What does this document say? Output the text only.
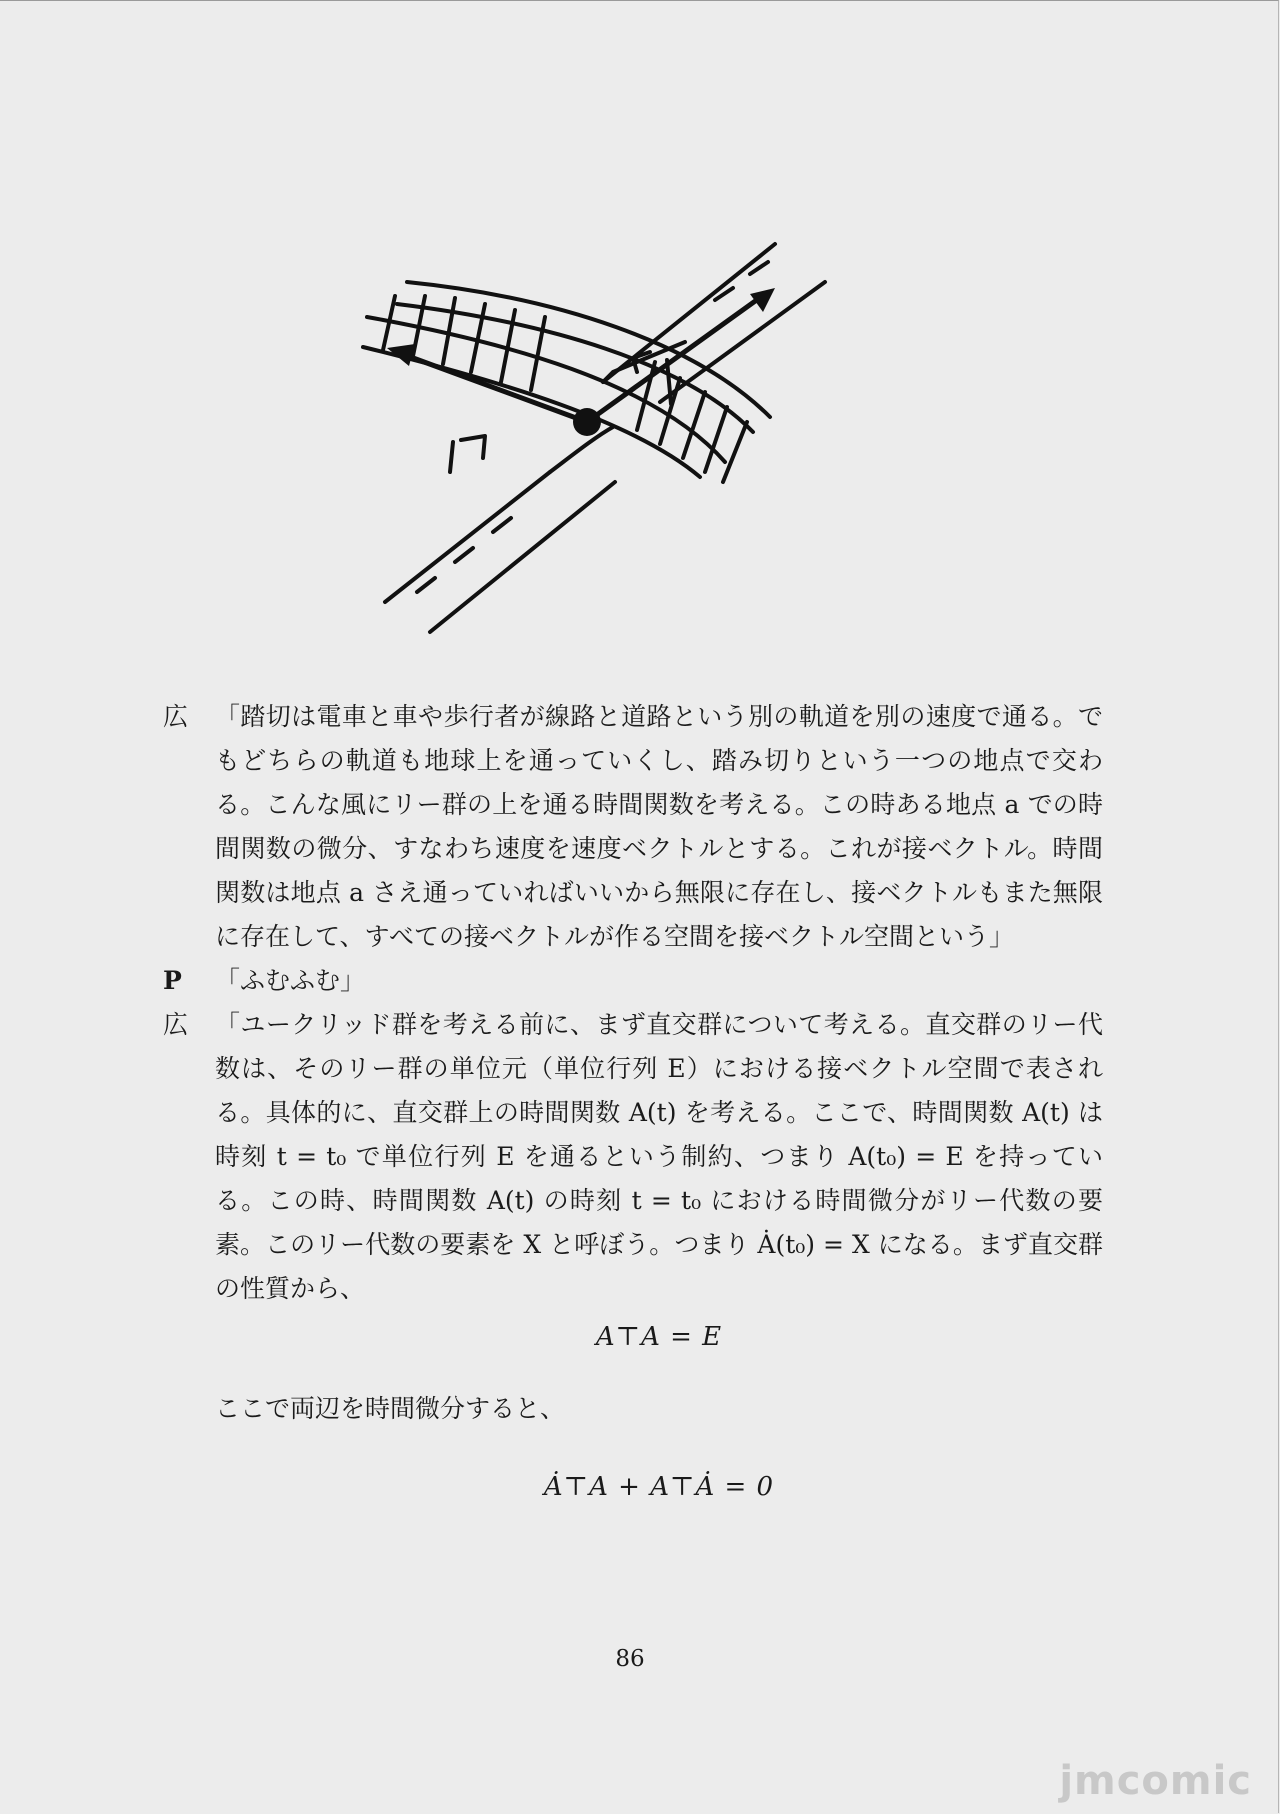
広 「踏切は電車と車や歩行者が線路と道路という別の軌道を別の速度で通る。でもどちらの軌道も地球上を通っていくし、踏み切りという一つの地点で交わる。こんな風にリー群の上を通る時間関数を考える。この時ある地点 a での時間関数の微分、すなわち速度を速度ベクトルとする。これが接ベクトル。時間関数は地点 a さえ通っていればいいから無限に存在し、接ベクトルもまた無限に存在して、すべての接ベクトルが作る空間を接ベクトル空間という」

P 「ふむふむ」

広 「ユークリッド群を考える前に、まず直交群について考える。直交群のリー代数は、そのリー群の単位元（単位行列 E）における接ベクトル空間で表される。具体的に、直交群上の時間関数 A(t) を考える。ここで、時間関数 A(t) は時刻 t = t₀ で単位行列 E を通るという制約、つまり A(t₀) = E を持っている。この時、時間関数 A(t) の時刻 t = t₀ における時間微分がリー代数の要素。このリー代数の要素を X と呼ぼう。つまり Ȧ(t₀) = X になる。まず直交群の性質から、

A⊤A = E

ここで両辺を時間微分すると、

Ȧ⊤A + A⊤Ȧ = 0
86
jmcomic
